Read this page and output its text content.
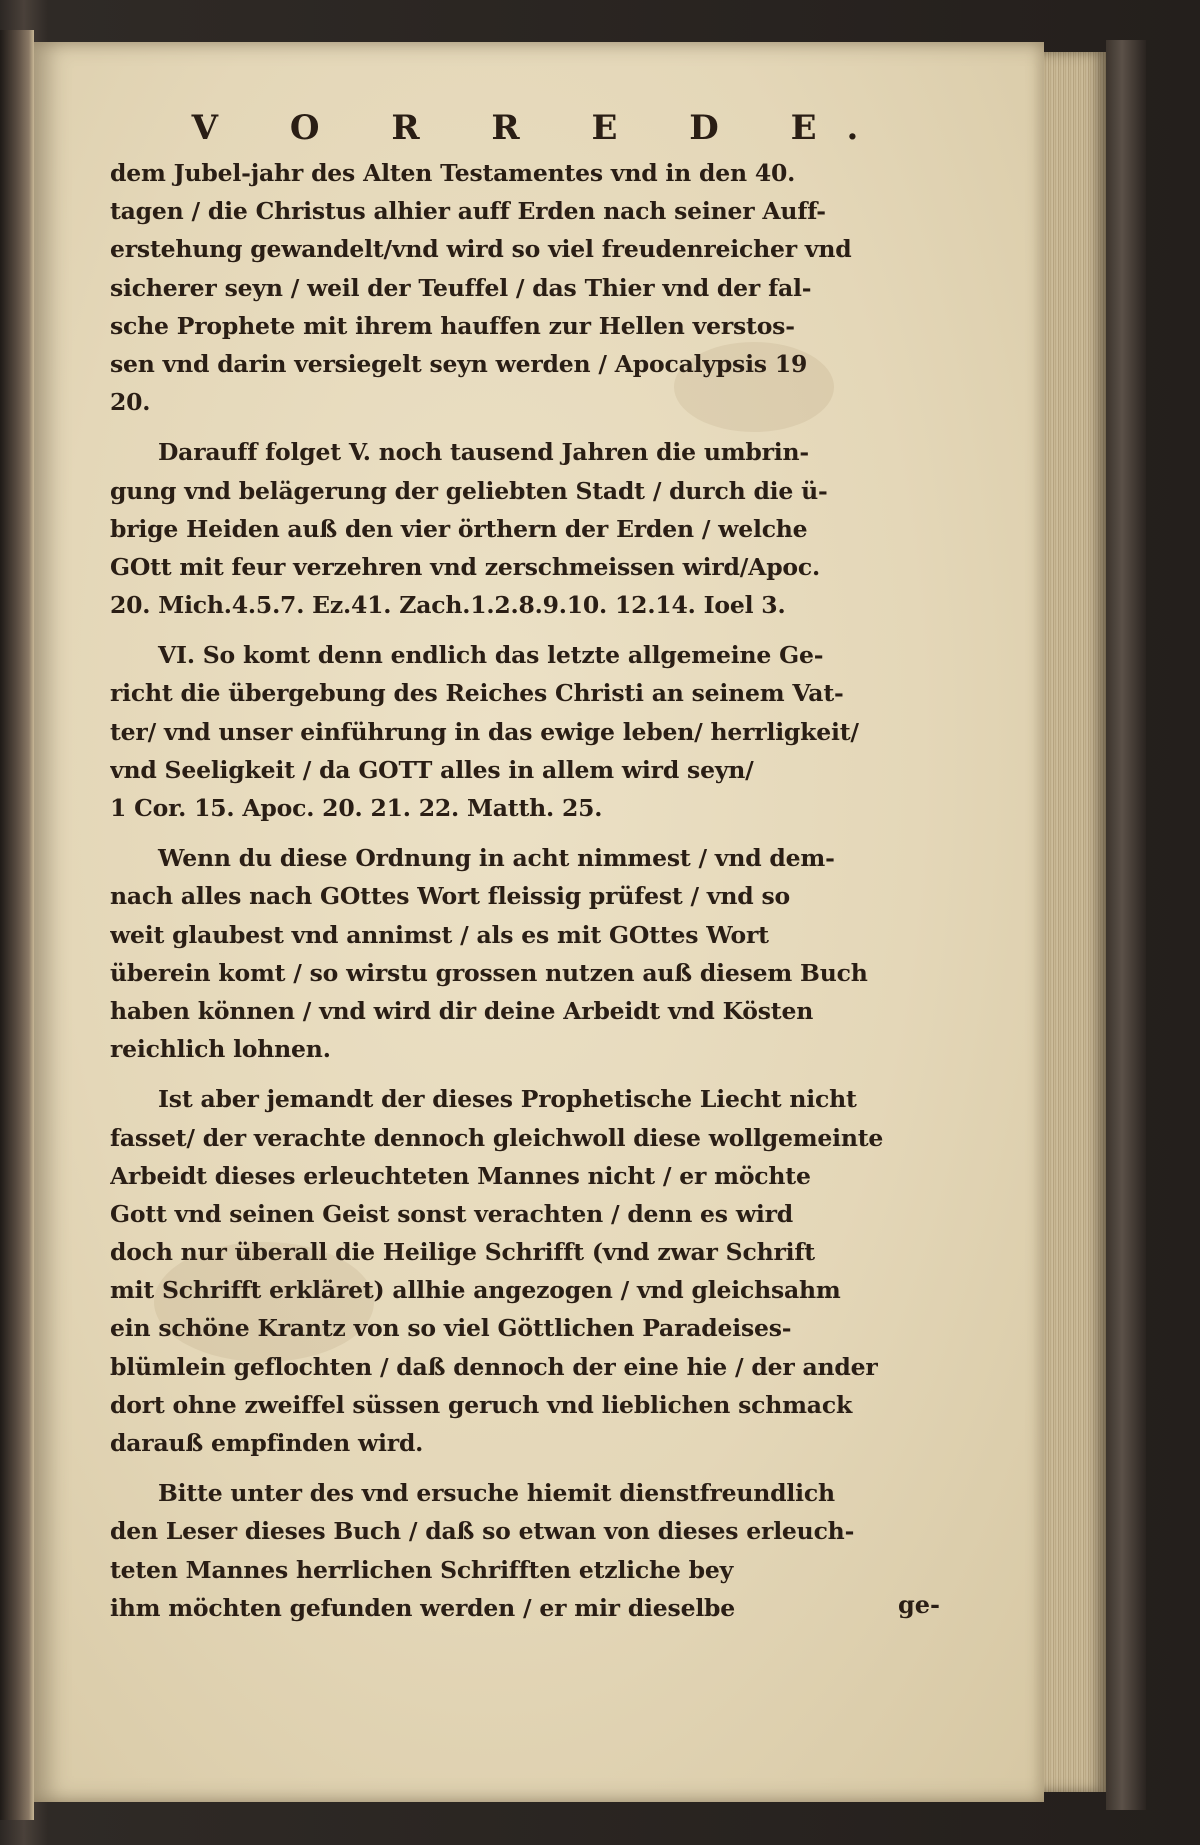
V O R R E D E.
dem Jubel-jahr des Alten Testamentes vnd in den 40.
tagen / die Christus alhier auff Erden nach seiner Auff-
erstehung gewandelt/vnd wird so viel freudenreicher vnd
sicherer seyn / weil der Teuffel / das Thier vnd der fal-
sche Prophete mit ihrem hauffen zur Hellen verstos-
sen vnd darin versiegelt seyn werden / Apocalypsis 19
20.
Darauff folget V. noch tausend Jahren die umbrin-
gung vnd belägerung der geliebten Stadt / durch die ü-
brige Heiden auß den vier örthern der Erden / welche
GOtt mit feur verzehren vnd zerschmeissen wird/Apoc.
20. Mich.4.5.7. Ez.41. Zach.1.2.8.9.10. 12.14. Ioel 3.
VI. So komt denn endlich das letzte allgemeine Ge-
richt die übergebung des Reiches Christi an seinem Vat-
ter/ vnd unser einführung in das ewige leben/ herrligkeit/
vnd Seeligkeit / da GOTT alles in allem wird seyn/
1 Cor. 15. Apoc. 20. 21. 22. Matth. 25.
Wenn du diese Ordnung in acht nimmest / vnd dem-
nach alles nach GOttes Wort fleissig prüfest / vnd so
weit glaubest vnd annimst / als es mit GOttes Wort
überein komt / so wirstu grossen nutzen auß diesem Buch
haben können / vnd wird dir deine Arbeidt vnd Kösten
reichlich lohnen.
Ist aber jemandt der dieses Prophetische Liecht nicht
fasset/ der verachte dennoch gleichwoll diese wollgemeinte
Arbeidt dieses erleuchteten Mannes nicht / er möchte
Gott vnd seinen Geist sonst verachten / denn es wird
doch nur überall die Heilige Schrifft (vnd zwar Schrift
mit Schrifft erkläret) allhie angezogen / vnd gleichsahm
ein schöne Krantz von so viel Göttlichen Paradeises-
blümlein geflochten / daß dennoch der eine hie / der ander
dort ohne zweiffel süssen geruch vnd lieblichen schmack
darauß empfinden wird.
Bitte unter des vnd ersuche hiemit dienstfreundlich
den Leser dieses Buch / daß so etwan von dieses erleuch-
teten Mannes herrlichen Schrifften etzliche bey
ihm möchten gefunden werden / er mir dieselbe	ge-
